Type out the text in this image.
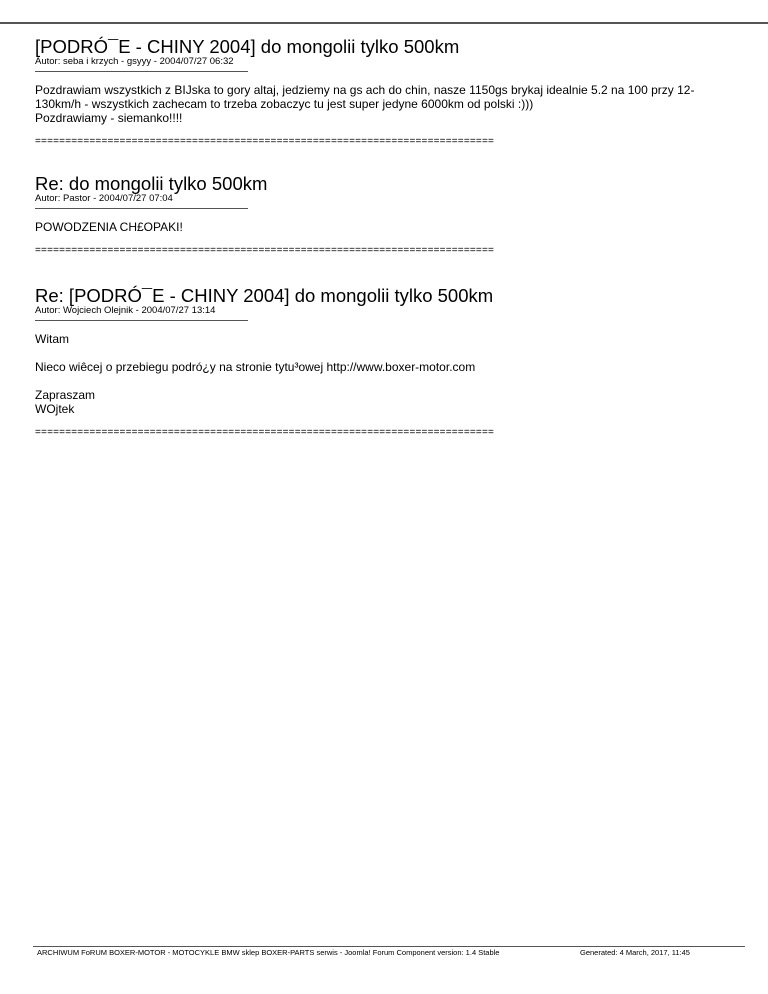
[PODRÓ¯E - CHINY 2004] do mongolii tylko 500km
Autor: seba i krzych - gsyyy - 2004/07/27 06:32

Pozdrawiam wszystkich z BIJska to gory altaj, jedziemy na gs ach do chin, nasze 1150gs brykaj idealnie 5.2 na 100 przy 12-130km/h - wszystkich zachecam to trzeba zobaczyc tu jest super jedyne 6000km od polski :)))

Pozdrawiamy - siemanko!!!!

============================================================================
Re: do mongolii tylko 500km
Autor: Pastor - 2004/07/27 07:04

POWODZENIA CH£OPAKI!

============================================================================
Re: [PODRÓ¯E - CHINY 2004] do mongolii tylko 500km
Autor: Wojciech Olejnik - 2004/07/27 13:14

Witam

Nieco wiêcej o przebiegu podró¿y na stronie tytu³owej http://www.boxer-motor.com

Zapraszam

WOjtek

============================================================================
ARCHIWUM FoRUM BOXER-MOTOR - MOTOCYKLE BMW sklep BOXER-PARTS serwis - Joomla! Forum Component version: 1.4 Stable	Generated: 4 March, 2017, 11:45
